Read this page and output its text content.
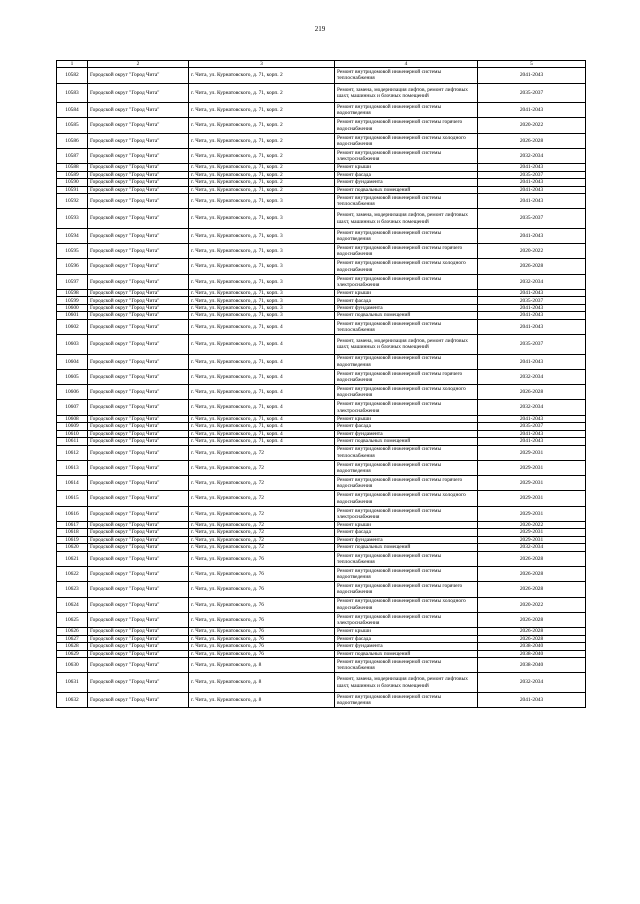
219
1	2	3	4	5
10582	Городской округ "Город Чита"	г. Чита, ул. Курнатовского, д. 71, корп. 2	Ремонт внутридомовой инженерной системы теплоснабжения	2041-2043
10583	Городской округ "Город Чита"	г. Чита, ул. Курнатовского, д. 71, корп. 2	Ремонт, замена, модернизация лифтов, ремонт лифтовых шахт, машинных и блочных помещений	2035-2037
10584	Городской округ "Город Чита"	г. Чита, ул. Курнатовского, д. 71, корп. 2	Ремонт внутридомовой инженерной системы водоотведения	2041-2043
10585	Городской округ "Город Чита"	г. Чита, ул. Курнатовского, д. 71, корп. 2	Ремонт внутридомовой инженерной системы горячего водоснабжения	2020-2022
10586	Городской округ "Город Чита"	г. Чита, ул. Курнатовского, д. 71, корп. 2	Ремонт внутридомовой инженерной системы холодного водоснабжения	2026-2028
10587	Городской округ "Город Чита"	г. Чита, ул. Курнатовского, д. 71, корп. 2	Ремонт внутридомовой инженерной системы электроснабжения	2032-2034
10588	Городской округ "Город Чита"	г. Чита, ул. Курнатовского, д. 71, корп. 2	Ремонт крыши	2041-2043
10589	Городской округ "Город Чита"	г. Чита, ул. Курнатовского, д. 71, корп. 2	Ремонт фасада	2035-2037
10590	Городской округ "Город Чита"	г. Чита, ул. Курнатовского, д. 71, корп. 2	Ремонт фундамента	2041-2043
10591	Городской округ "Город Чита"	г. Чита, ул. Курнатовского, д. 71, корп. 2	Ремонт подвальных помещений	2041-2043
10592	Городской округ "Город Чита"	г. Чита, ул. Курнатовского, д. 71, корп. 3	Ремонт внутридомовой инженерной системы теплоснабжения	2041-2043
10593	Городской округ "Город Чита"	г. Чита, ул. Курнатовского, д. 71, корп. 3	Ремонт, замена, модернизация лифтов, ремонт лифтовых шахт, машинных и блочных помещений	2035-2037
10594	Городской округ "Город Чита"	г. Чита, ул. Курнатовского, д. 71, корп. 3	Ремонт внутридомовой инженерной системы водоотведения	2041-2043
10595	Городской округ "Город Чита"	г. Чита, ул. Курнатовского, д. 71, корп. 3	Ремонт внутридомовой инженерной системы горячего водоснабжения	2020-2022
10596	Городской округ "Город Чита"	г. Чита, ул. Курнатовского, д. 71, корп. 3	Ремонт внутридомовой инженерной системы холодного водоснабжения	2026-2028
10597	Городской округ "Город Чита"	г. Чита, ул. Курнатовского, д. 71, корп. 3	Ремонт внутридомовой инженерной системы электроснабжения	2032-2034
10598	Городской округ "Город Чита"	г. Чита, ул. Курнатовского, д. 71, корп. 3	Ремонт крыши	2041-2043
10599	Городской округ "Город Чита"	г. Чита, ул. Курнатовского, д. 71, корп. 3	Ремонт фасада	2035-2037
10600	Городской округ "Город Чита"	г. Чита, ул. Курнатовского, д. 71, корп. 3	Ремонт фундамента	2041-2043
10601	Городской округ "Город Чита"	г. Чита, ул. Курнатовского, д. 71, корп. 3	Ремонт подвальных помещений	2041-2043
10602	Городской округ "Город Чита"	г. Чита, ул. Курнатовского, д. 71, корп. 4	Ремонт внутридомовой инженерной системы теплоснабжения	2041-2043
10603	Городской округ "Город Чита"	г. Чита, ул. Курнатовского, д. 71, корп. 4	Ремонт, замена, модернизация лифтов, ремонт лифтовых шахт, машинных и блочных помещений	2035-2037
10604	Городской округ "Город Чита"	г. Чита, ул. Курнатовского, д. 71, корп. 4	Ремонт внутридомовой инженерной системы водоотведения	2041-2043
10605	Городской округ "Город Чита"	г. Чита, ул. Курнатовского, д. 71, корп. 4	Ремонт внутридомовой инженерной системы горячего водоснабжения	2032-2034
10606	Городской округ "Город Чита"	г. Чита, ул. Курнатовского, д. 71, корп. 4	Ремонт внутридомовой инженерной системы холодного водоснабжения	2026-2028
10607	Городской округ "Город Чита"	г. Чита, ул. Курнатовского, д. 71, корп. 4	Ремонт внутридомовой инженерной системы электроснабжения	2032-2034
10608	Городской округ "Город Чита"	г. Чита, ул. Курнатовского, д. 71, корп. 4	Ремонт крыши	2041-2043
10609	Городской округ "Город Чита"	г. Чита, ул. Курнатовского, д. 71, корп. 4	Ремонт фасада	2035-2037
10610	Городской округ "Город Чита"	г. Чита, ул. Курнатовского, д. 71, корп. 4	Ремонт фундамента	2041-2043
10611	Городской округ "Город Чита"	г. Чита, ул. Курнатовского, д. 71, корп. 4	Ремонт подвальных помещений	2041-2043
10612	Городской округ "Город Чита"	г. Чита, ул. Курнатовского, д. 72	Ремонт внутридомовой инженерной системы теплоснабжения	2029-2031
10613	Городской округ "Город Чита"	г. Чита, ул. Курнатовского, д. 72	Ремонт внутридомовой инженерной системы водоотведения	2029-2031
10614	Городской округ "Город Чита"	г. Чита, ул. Курнатовского, д. 72	Ремонт внутридомовой инженерной системы горячего водоснабжения	2029-2031
10615	Городской округ "Город Чита"	г. Чита, ул. Курнатовского, д. 72	Ремонт внутридомовой инженерной системы холодного водоснабжения	2029-2031
10616	Городской округ "Город Чита"	г. Чита, ул. Курнатовского, д. 72	Ремонт внутридомовой инженерной системы электроснабжения	2029-2031
10617	Городской округ "Город Чита"	г. Чита, ул. Курнатовского, д. 72	Ремонт крыши	2020-2022
10618	Городской округ "Город Чита"	г. Чита, ул. Курнатовского, д. 72	Ремонт фасада	2029-2031
10619	Городской округ "Город Чита"	г. Чита, ул. Курнатовского, д. 72	Ремонт фундамента	2029-2031
10620	Городской округ "Город Чита"	г. Чита, ул. Курнатовского, д. 72	Ремонт подвальных помещений	2032-2034
10621	Городской округ "Город Чита"	г. Чита, ул. Курнатовского, д. 76	Ремонт внутридомовой инженерной системы теплоснабжения	2026-2028
10622	Городской округ "Город Чита"	г. Чита, ул. Курнатовского, д. 76	Ремонт внутридомовой инженерной системы водоотведения	2026-2028
10623	Городской округ "Город Чита"	г. Чита, ул. Курнатовского, д. 76	Ремонт внутридомовой инженерной системы горячего водоснабжения	2026-2028
10624	Городской округ "Город Чита"	г. Чита, ул. Курнатовского, д. 76	Ремонт внутридомовой инженерной системы холодного водоснабжения	2020-2022
10625	Городской округ "Город Чита"	г. Чита, ул. Курнатовского, д. 76	Ремонт внутридомовой инженерной системы электроснабжения	2026-2028
10626	Городской округ "Город Чита"	г. Чита, ул. Курнатовского, д. 76	Ремонт крыши	2026-2028
10627	Городской округ "Город Чита"	г. Чита, ул. Курнатовского, д. 76	Ремонт фасада	2026-2028
10628	Городской округ "Город Чита"	г. Чита, ул. Курнатовского, д. 76	Ремонт фундамента	2038-2040
10629	Городской округ "Город Чита"	г. Чита, ул. Курнатовского, д. 76	Ремонт подвальных помещений	2038-2040
10630	Городской округ "Город Чита"	г. Чита, ул. Курнатовского, д. 8	Ремонт внутридомовой инженерной системы теплоснабжения	2038-2040
10631	Городской округ "Город Чита"	г. Чита, ул. Курнатовского, д. 8	Ремонт, замена, модернизация лифтов, ремонт лифтовых шахт, машинных и блочных помещений	2032-2034
10632	Городской округ "Город Чита"	г. Чита, ул. Курнатовского, д. 8	Ремонт внутридомовой инженерной системы водоотведения	2041-2043
